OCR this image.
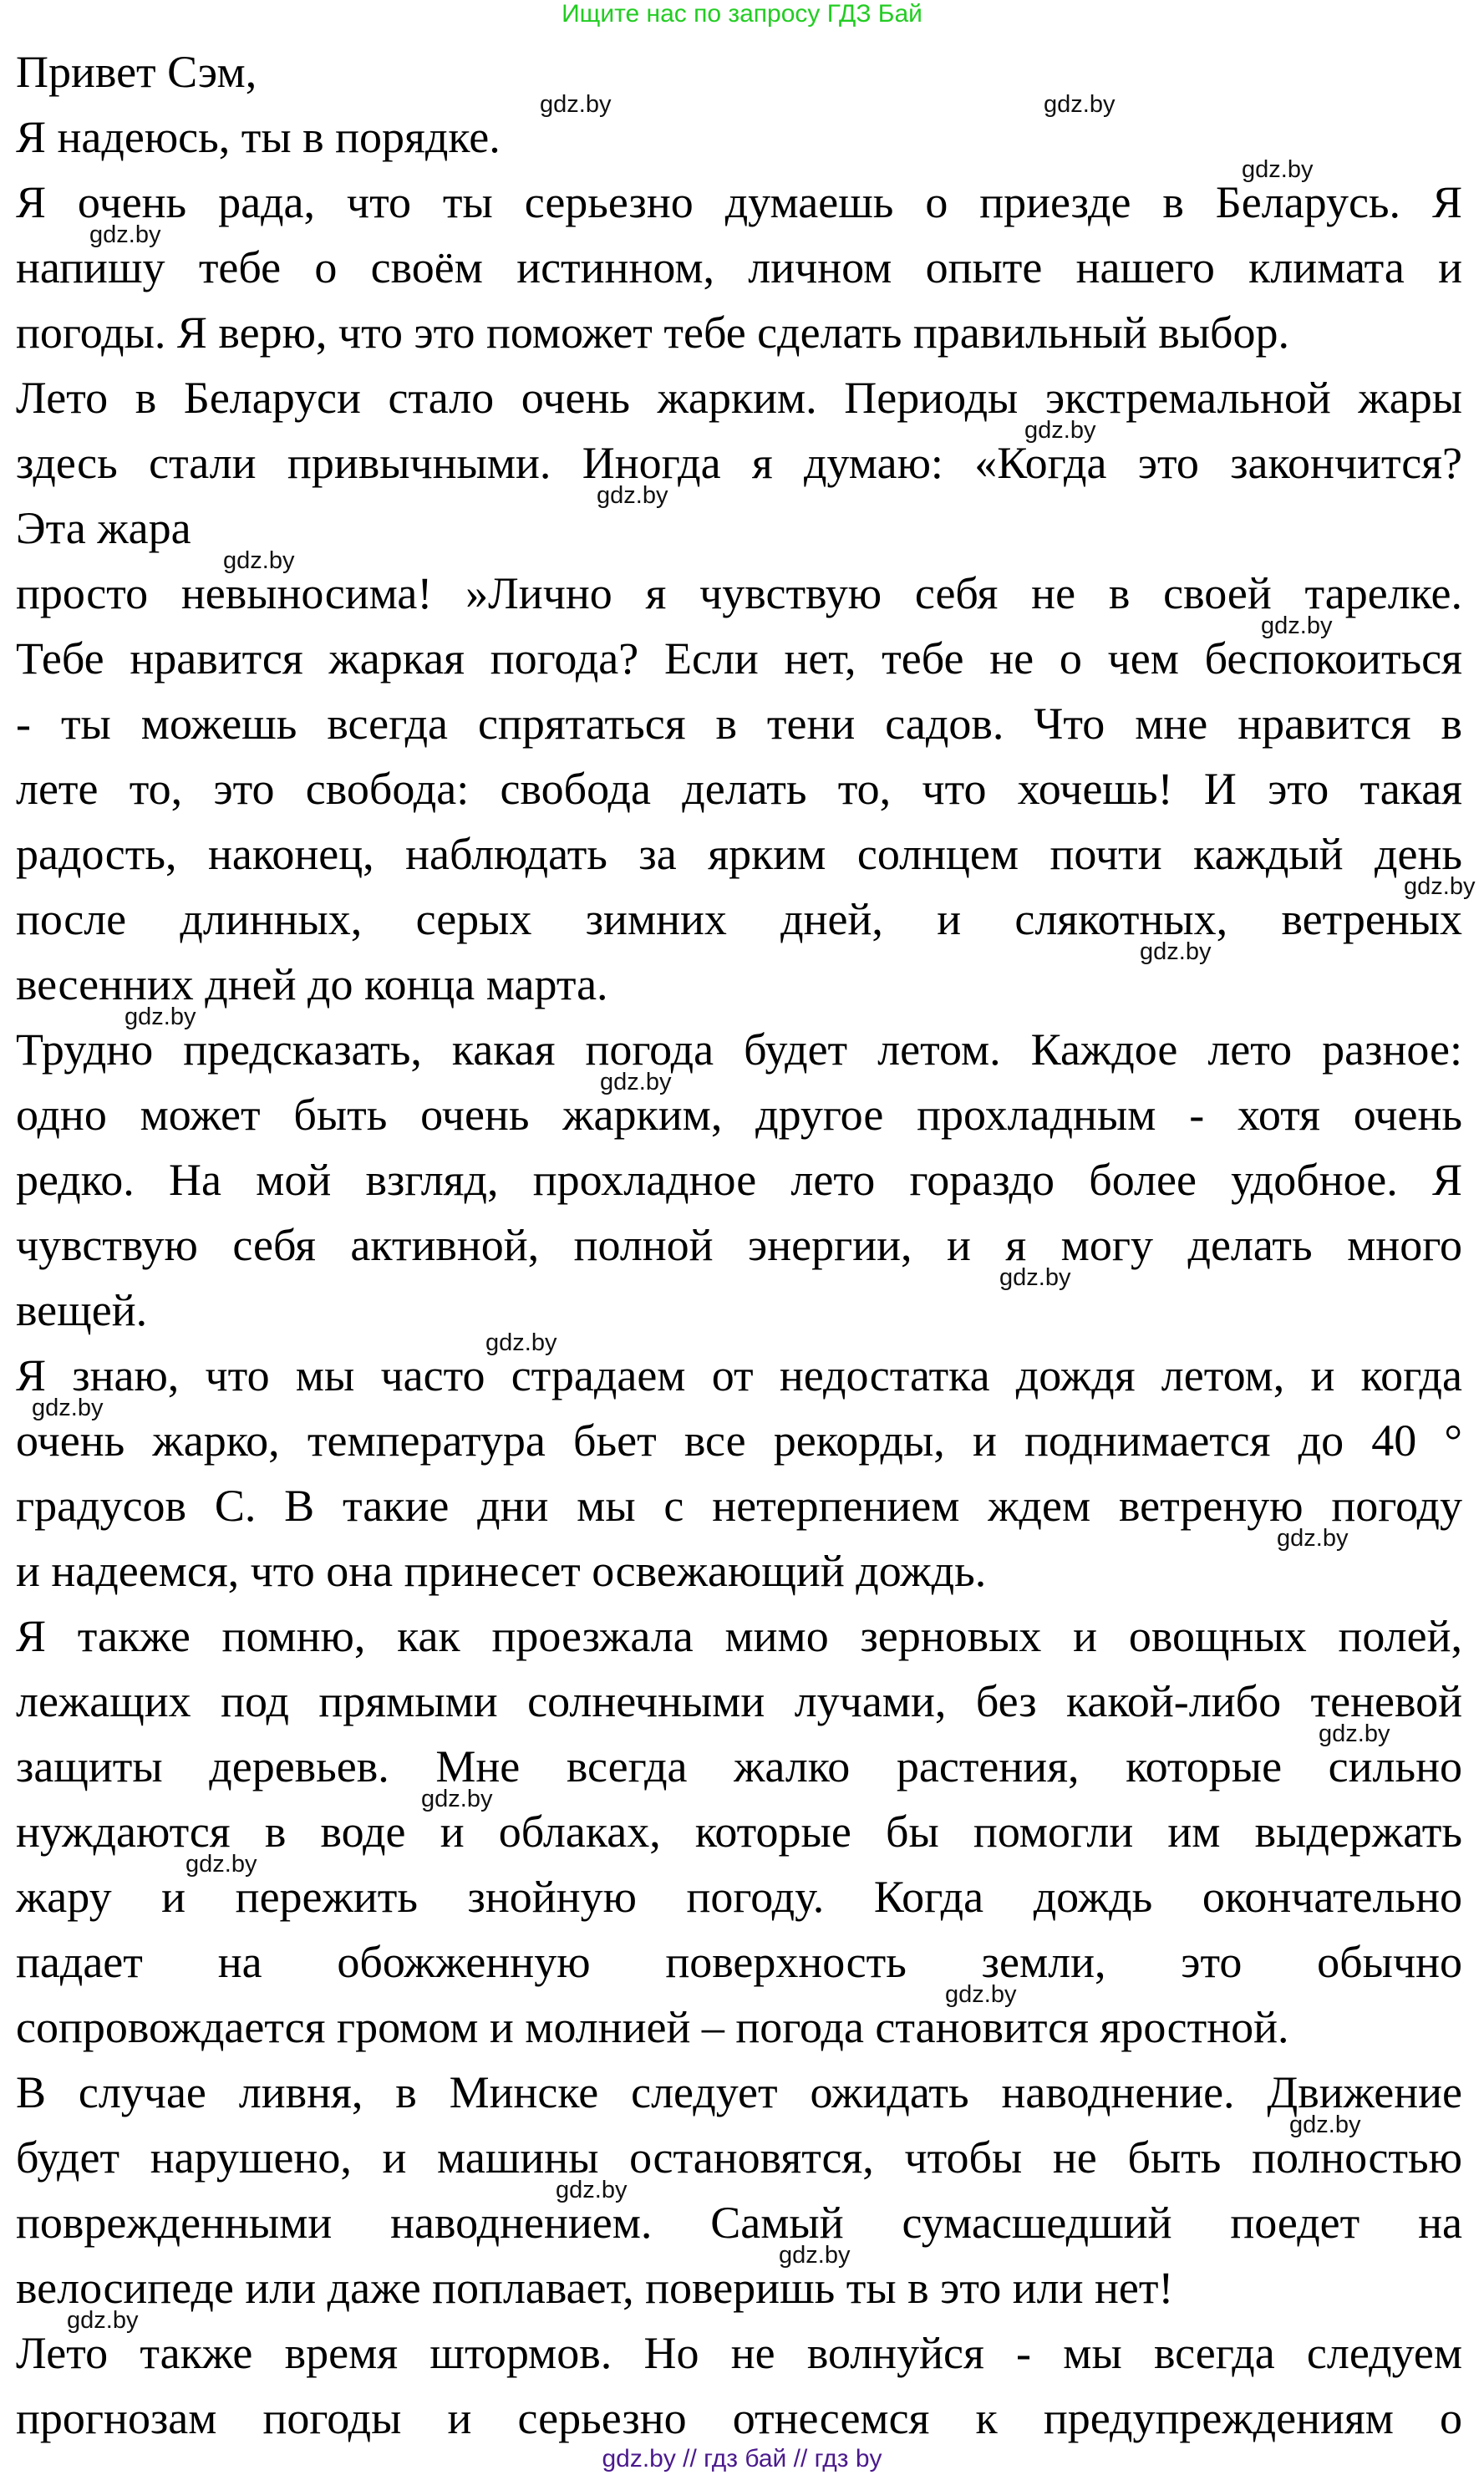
Ищите нас по запросу ГДЗ Бай
Привет Сэм,
Я надеюсь, ты в порядке.
Я очень рада, что ты серьезно думаешь о приезде в Беларусь. Я
напишу тебе о своём истинном, личном опыте нашего климата и
погоды. Я верю, что это поможет тебе сделать правильный выбор.
Лето в Беларуси стало очень жарким. Периоды экстремальной жары
здесь стали привычными. Иногда я думаю: «Когда это закончится?
Эта жара
просто невыносима! »Лично я чувствую себя не в своей тарелке.
Тебе нравится жаркая погода? Если нет, тебе не о чем беспокоиться
- ты можешь всегда спрятаться в тени садов. Что мне нравится в
лете то, это свобода: свобода делать то, что хочешь! И это такая
радость, наконец, наблюдать за ярким солнцем почти каждый день
после длинных, серых зимних дней, и слякотных, ветреных
весенних дней до конца марта.
Трудно предсказать, какая погода будет летом. Каждое лето разное:
одно может быть очень жарким, другое прохладным - хотя очень
редко. На мой взгляд, прохладное лето гораздо более удобное. Я
чувствую себя активной, полной энергии, и я могу делать много
вещей.
Я знаю, что мы часто страдаем от недостатка дождя летом, и когда
очень жарко, температура бьет все рекорды, и поднимается до 40 °
градусов С. В такие дни мы с нетерпением ждем ветреную погоду
и надеемся, что она принесет освежающий дождь.
Я также помню, как проезжала мимо зерновых и овощных полей,
лежащих под прямыми солнечными лучами, без какой-либо теневой
защиты деревьев. Мне всегда жалко растения, которые сильно
нуждаются в воде и облаках, которые бы помогли им выдержать
жару и пережить знойную погоду. Когда дождь окончательно
падает на обожженную поверхность земли, это обычно
сопровождается громом и молнией – погода становится яростной.
В случае ливня, в Минске следует ожидать наводнение. Движение
будет нарушено, и машины остановятся, чтобы не быть полностью
поврежденными наводнением. Самый сумасшедший поедет на
велосипеде или даже поплавает, поверишь ты в это или нет!
Лето также время штормов. Но не волнуйся - мы всегда следуем
прогнозам погоды и серьезно отнесемся к предупреждениям о
gdz.by	gdz.by
gdz.by
gdz.by
gdz.by
gdz.by
gdz.by
gdz.by
gdz.by
gdz.by
gdz.by
gdz.by
gdz.by
gdz.by
gdz.by
gdz.by
gdz.by
gdz.by
gdz.by
gdz.by
gdz.by
gdz.by
gdz.by
gdz.by
gdz.by // гдз бай // гдз by
